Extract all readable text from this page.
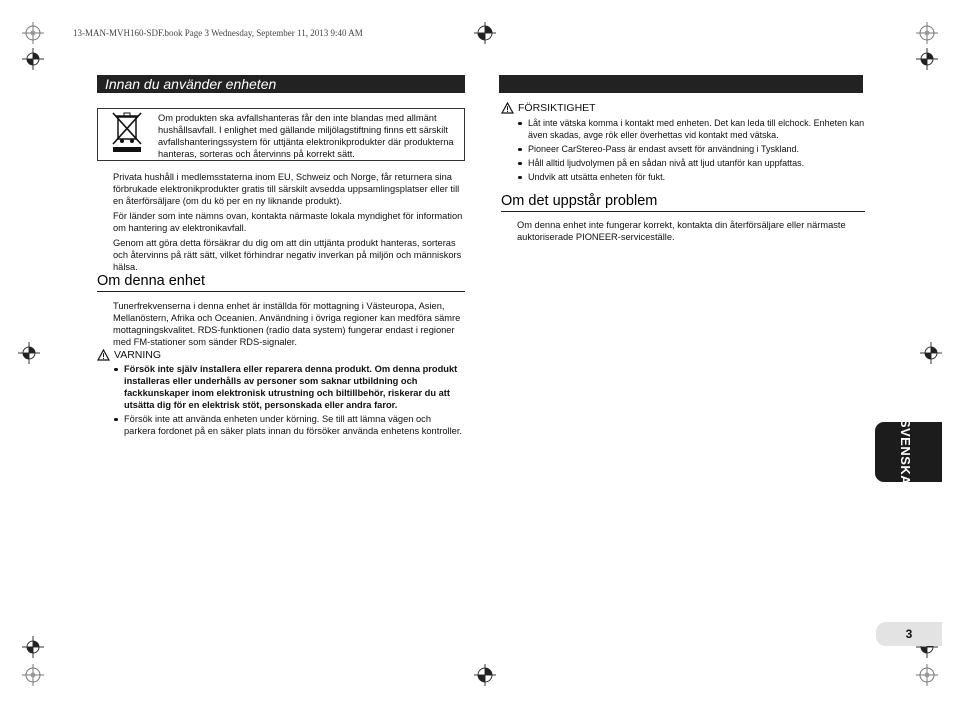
13-MAN-MVH160-SDF.book Page 3 Wednesday, September 11, 2013 9:40 AM
Innan du använder enheten
Om produkten ska avfallshanteras får den inte blandas med allmänt hushållsavfall. I enlighet med gällande miljölagstiftning finns ett särskilt avfallshanteringssystem för uttjänta elektronikprodukter där produkterna hanteras, sorteras och återvinns på korrekt sätt.

Privata hushåll i medlemsstaterna inom EU, Schweiz och Norge, får returnera sina förbrukade elektronikprodukter gratis till särskilt avsedda uppsamlingsplatser eller till en återförsäljare (om du kö per en ny liknande produkt).

För länder som inte nämns ovan, kontakta närmaste lokala myndighet för information om hantering av elektronikavfall.

Genom att göra detta försäkrar du dig om att din uttjänta produkt hanteras, sorteras och återvinns på rätt sätt, vilket förhindrar negativ inverkan på miljön och människors hälsa.

Om denna enhet
Tunerfrekvenserna i denna enhet är inställda för mottagning i Västeuropa, Asien, Mellanöstern, Afrika och Oceanien. Användning i övriga regioner kan medföra sämre mottagningskvalitet. RDS-funktionen (radio data system) fungerar endast i regioner med FM-stationer som sänder RDS-signaler.
VARNING
Försök inte själv installera eller reparera denna produkt. Om denna produkt installeras eller underhålls av personer som saknar utbildning och fackkunskaper inom elektronisk utrustning och biltillbehör, riskerar du att utsätta dig för en elektrisk stöt, personskada eller andra faror.
Försök inte att använda enheten under körning. Se till att lämna vägen och parkera fordonet på en säker plats innan du försöker använda enhetens kontroller.
FÖRSIKTIGHET
Låt inte vätska komma i kontakt med enheten. Det kan leda till elchock. Enheten kan även skadas, avge rök eller överhettas vid kontakt med vätska.
Pioneer CarStereo-Pass är endast avsett för användning i Tyskland.
Håll alltid ljudvolymen på en sådan nivå att ljud utanför kan uppfattas.
Undvik att utsätta enheten för fukt.
Om det uppstår problem
Om denna enhet inte fungerar korrekt, kontakta din återförsäljare eller närmaste auktoriserade PIONEER-serviceställe.
SVENSKA
3
